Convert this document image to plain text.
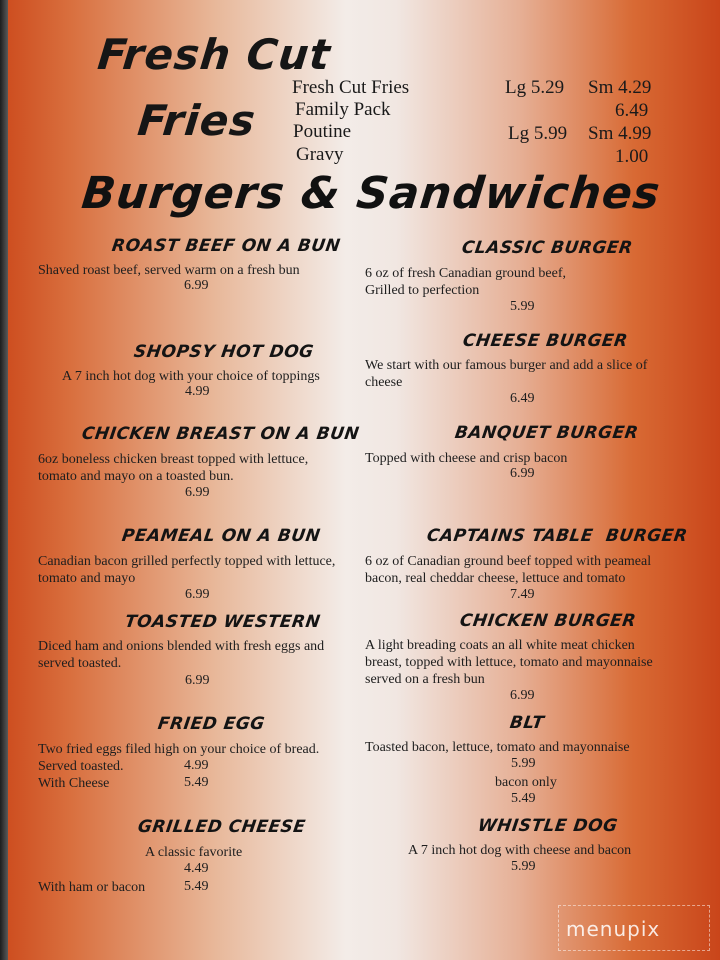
Fresh Cut
Fries
Fresh Cut Fries	Lg 5.29 Sm 4.29
Family Pack	6.49
Poutine	Lg 5.99 Sm 4.99
Gravy	1.00
Burgers & Sandwiches
ROAST BEEF ON A BUN
Shaved roast beef, served warm on a fresh bun
6.99
SHOPSY HOT DOG
A 7 inch hot dog with your choice of toppings
4.99
CHICKEN BREAST ON A BUN
6oz boneless chicken breast topped with lettuce, tomato and mayo on a toasted bun.
6.99
PEAMEAL ON A BUN
Canadian bacon grilled perfectly topped with lettuce, tomato and mayo
6.99
TOASTED WESTERN
Diced ham and onions blended with fresh eggs and served toasted.
6.99
FRIED EGG
Two fried eggs filed high on your choice of bread.
Served toasted.	4.99
With Cheese	5.49
GRILLED CHEESE
A classic favorite
4.49
With ham or bacon	5.49
CLASSIC BURGER
6 oz of fresh Canadian ground beef, Grilled to perfection
5.99
CHEESE BURGER
We start with our famous burger and add a slice of cheese
6.49
BANQUET BURGER
Topped with cheese and crisp bacon
6.99
CAPTAINS TABLE  BURGER
6 oz of Canadian ground beef topped with peameal bacon, real cheddar cheese, lettuce and tomato
7.49
CHICKEN BURGER
A light breading coats an all white meat chicken breast, topped with lettuce, tomato and mayonnaise served on a fresh bun
6.99
BLT
Toasted bacon, lettuce, tomato and mayonnaise
5.99
bacon only
5.49
WHISTLE DOG
A 7 inch hot dog with cheese and bacon
5.99
menupix
